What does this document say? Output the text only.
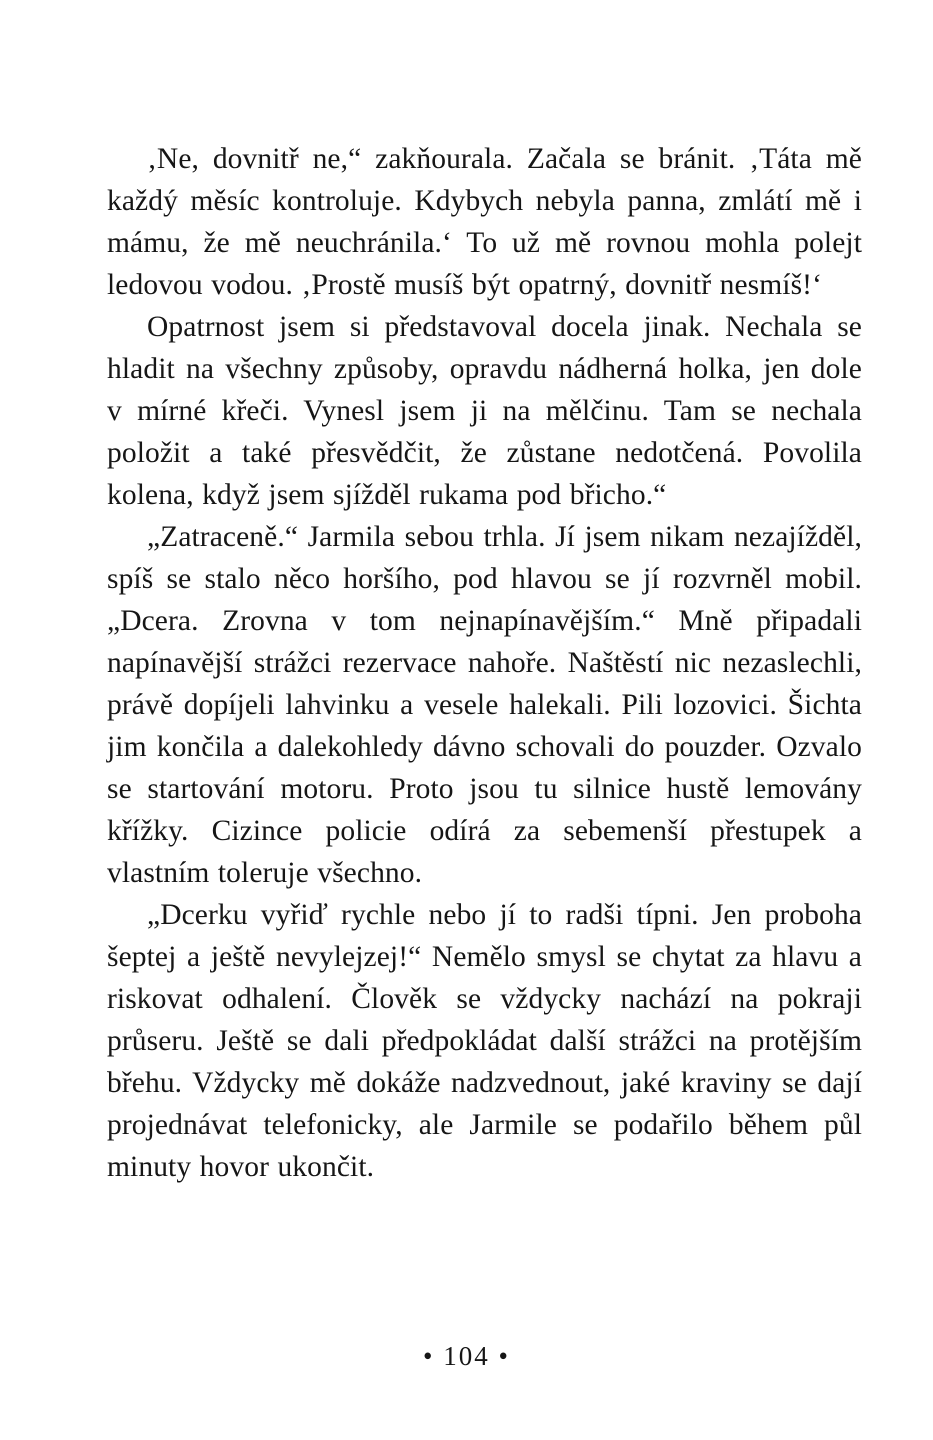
‚Ne, dovnitř ne,“ zakňourala. Začala se bránit. ‚Táta mě každý měsíc kontroluje. Kdybych nebyla panna, zmlátí mě i mámu, že mě neuchránila.‘ To už mě rovnou mohla polejt ledovou vodou. ‚Prostě musíš být opatrný, dovnitř nesmíš!‘

Opatrnost jsem si představoval docela jinak. Nechala se hladit na všechny způsoby, opravdu nádherná holka, jen dole v mírné křeči. Vynesl jsem ji na mělčinu. Tam se nechala položit a také přesvědčit, že zůstane nedotčená. Povolila kolena, když jsem sjížděl rukama pod břicho.“

„Zatraceně.“ Jarmila sebou trhla. Jí jsem nikam nezajížděl, spíš se stalo něco horšího, pod hlavou se jí rozvrněl mobil. „Dcera. Zrovna v tom nejnapínavějším.“ Mně připadali napínavější strážci rezervace nahoře. Naštěstí nic nezaslechli, právě dopíjeli lahvinku a vesele halekali. Pili lozovici. Šichta jim končila a dalekohledy dávno schovali do pouzder. Ozvalo se startování motoru. Proto jsou tu silnice hustě lemovány křížky. Cizince policie odírá za sebemenší přestupek a vlastním toleruje všechno.

„Dcerku vyřiď rychle nebo jí to radši típni. Jen proboha šeptej a ještě nevylejzej!“ Nemělo smysl se chytat za hlavu a riskovat odhalení. Člověk se vždycky nachází na pokraji průseru. Ještě se dali předpokládat další strážci na protějším břehu. Vždycky mě dokáže nadzvednout, jaké kraviny se dají projednávat telefonicky, ale Jarmile se podařilo během půl minuty hovor ukončit.

• 104 •
